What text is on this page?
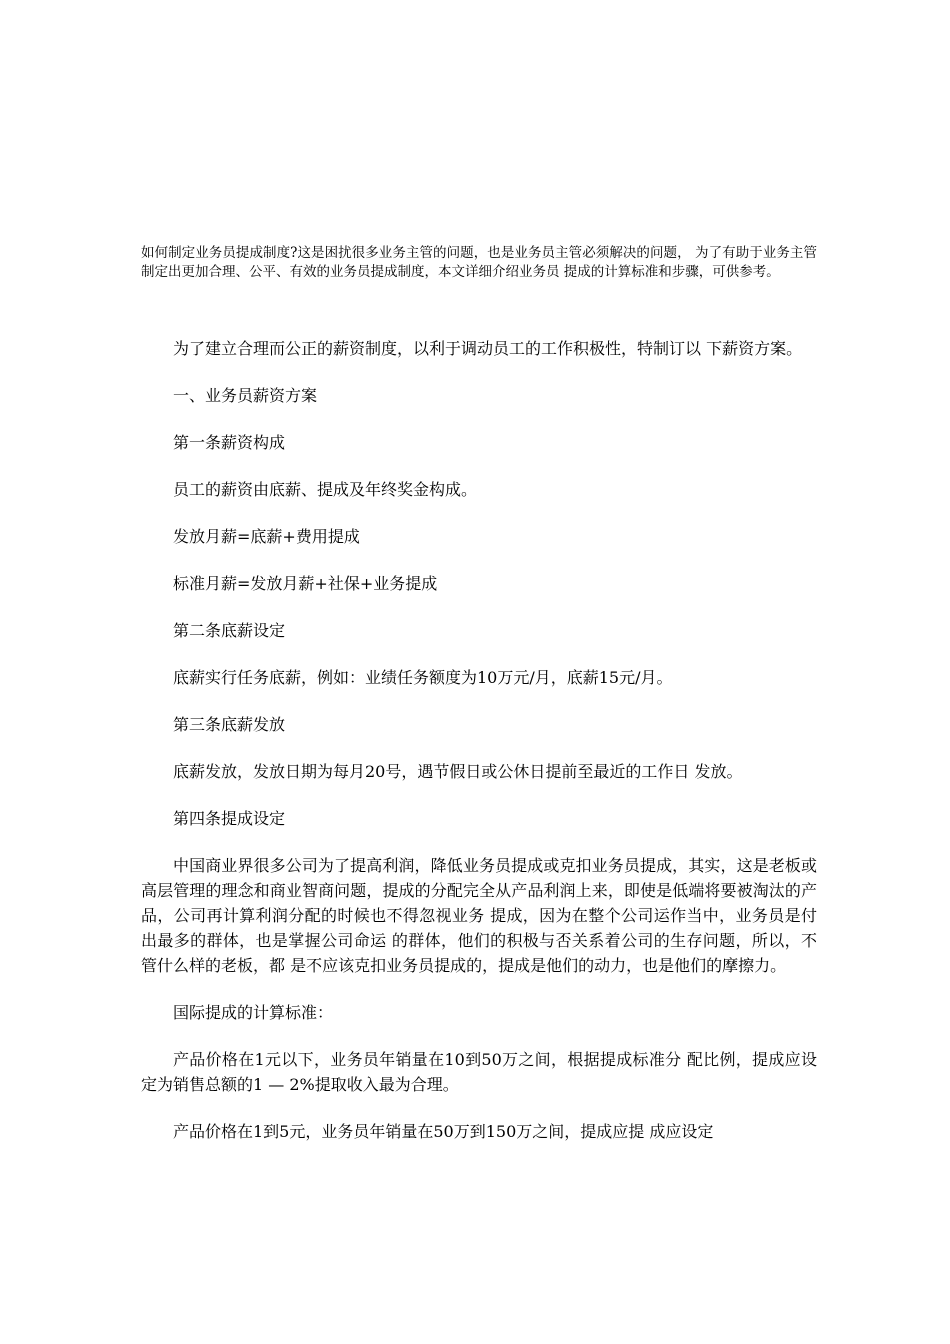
如何制定业务员提成制度?这是困扰很多业务主管的问题，也是业务员主管必须解决的问题， 为了有助于业务主管制定出更加合理、公平、有效的业务员提成制度，本文详细介绍业务员 提成的计算标准和步骤，可供参考。

为了建立合理而公正的薪资制度，以利于调动员工的工作积极性，特制订以 下薪资方案。

一、业务员薪资方案

第一条薪资构成

员工的薪资由底薪、提成及年终奖金构成。

发放月薪=底薪+费用提成

标准月薪=发放月薪+社保+业务提成

第二条底薪设定

底薪实行任务底薪，例如：业绩任务额度为10万元/月，底薪15元/月。

第三条底薪发放

底薪发放，发放日期为每月20号，遇节假日或公休日提前至最近的工作日 发放。

第四条提成设定

中国商业界很多公司为了提高利润，降低业务员提成或克扣业务员提成，其实，这是老板或高层管理的理念和商业智商问题，提成的分配完全从产品利润上来，即使是低端将要被淘汰的产品，公司再计算利润分配的时候也不得忽视业务 提成，因为在整个公司运作当中，业务员是付出最多的群体，也是掌握公司命运 的群体，他们的积极与否关系着公司的生存问题，所以，不管什么样的老板，都 是不应该克扣业务员提成的，提成是他们的动力，也是他们的摩擦力。

国际提成的计算标准：

产品价格在1元以下，业务员年销量在10到50万之间，根据提成标准分 配比例，提成应设定为销售总额的1 — 2%提取收入最为合理。

产品价格在1到5元，业务员年销量在50万到150万之间，提成应提 成应设定
